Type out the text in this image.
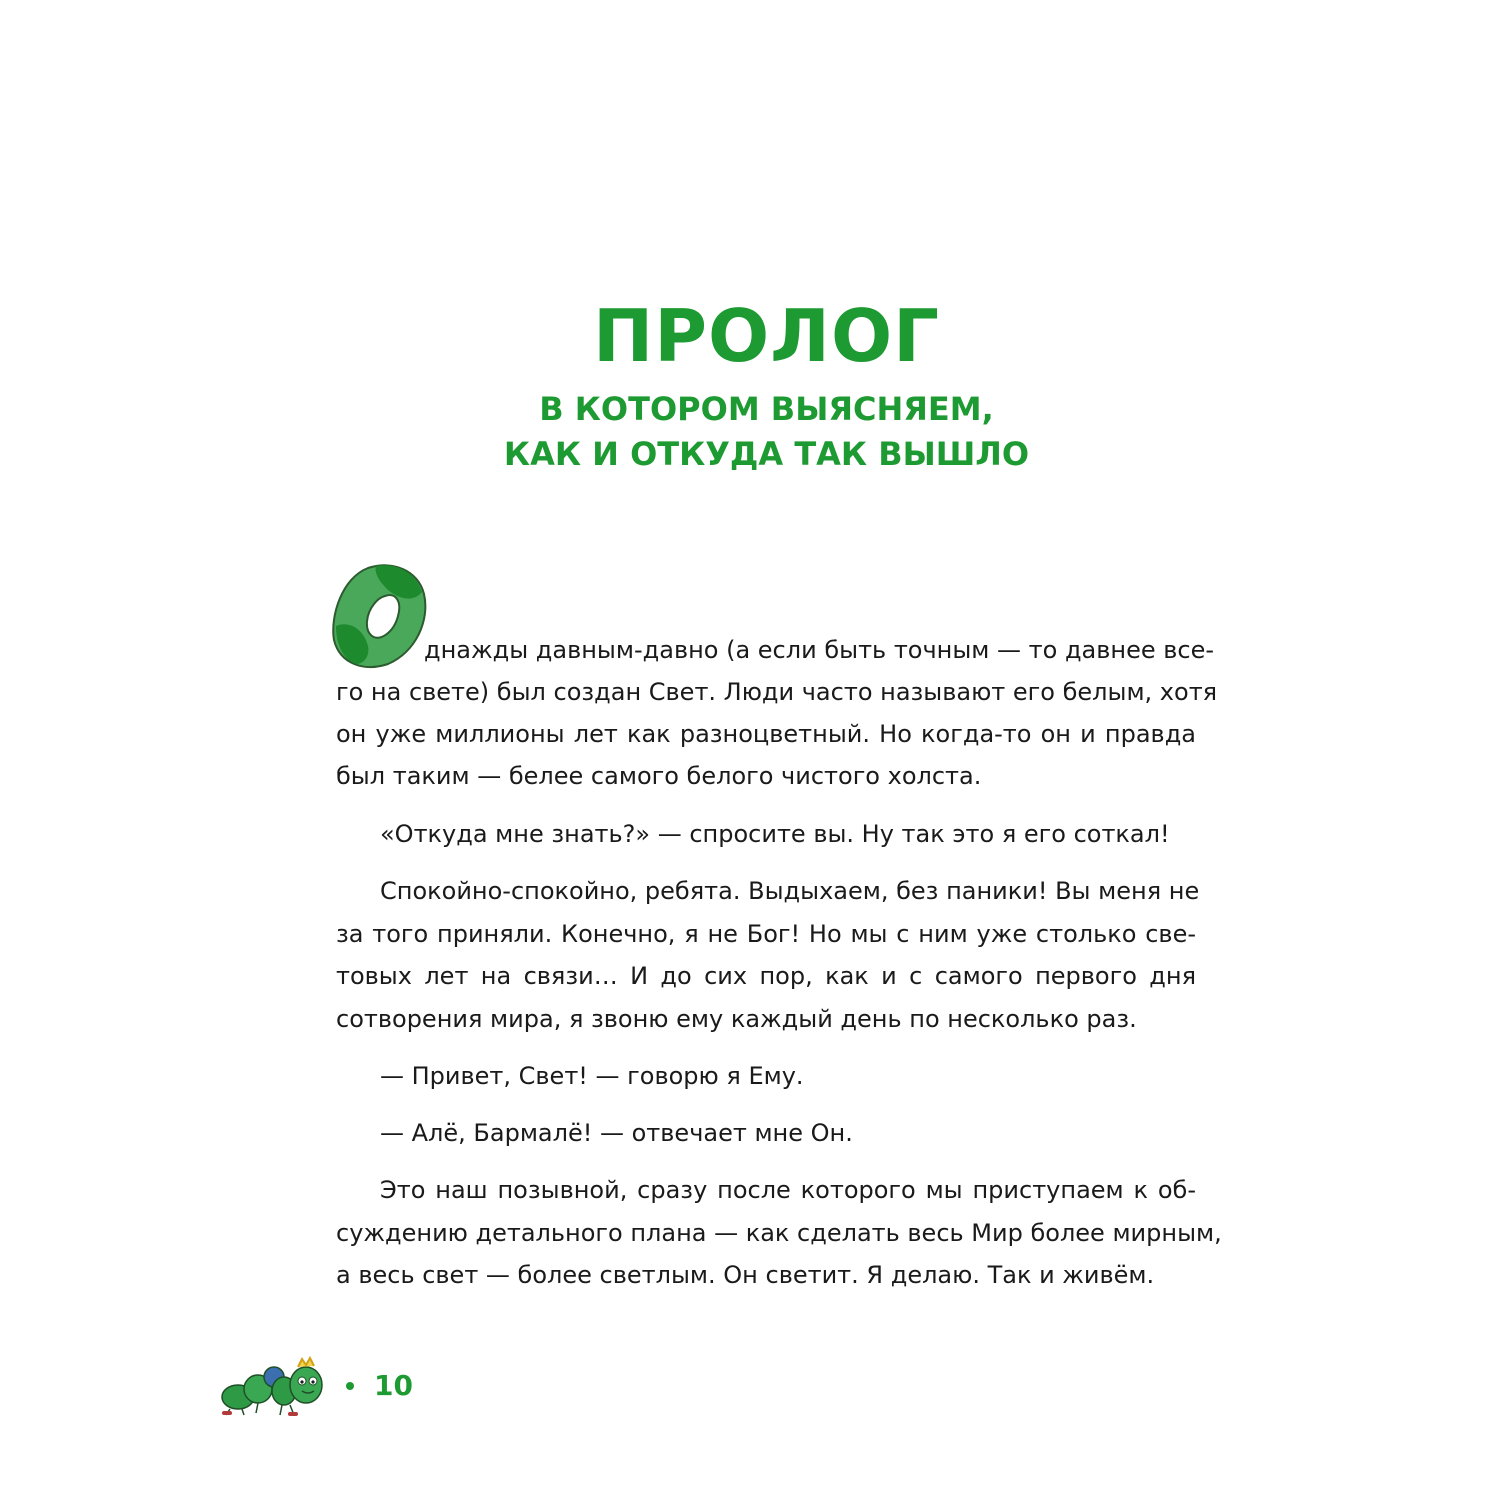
ПРОЛОГ
В КОТОРОМ ВЫЯСНЯЕМ,
КАК И ОТКУДА ТАК ВЫШЛО
днажды давным-давно (а если быть точным — то давнее все-
го на свете) был создан Свет. Люди часто называют его белым, хотя
он уже миллионы лет как разноцветный. Но когда-то он и правда
был таким — белее самого белого чистого холста.
«Откуда мне знать?» — спросите вы. Ну так это я его соткал!
Спокойно-спокойно, ребята. Выдыхаем, без паники! Вы меня не
за того приняли. Конечно, я не Бог! Но мы с ним уже столько све-
товых лет на связи… И до сих пор, как и с самого первого дня
сотворения мира, я звоню ему каждый день по несколько раз.
— Привет, Свет! — говорю я Ему.
— Алё, Бармалё! — отвечает мне Он.
Это наш позывной, сразу после которого мы приступаем к об-
суждению детального плана — как сделать весь Мир более мирным,
а весь свет — более светлым. Он светит. Я делаю. Так и живём.
10
